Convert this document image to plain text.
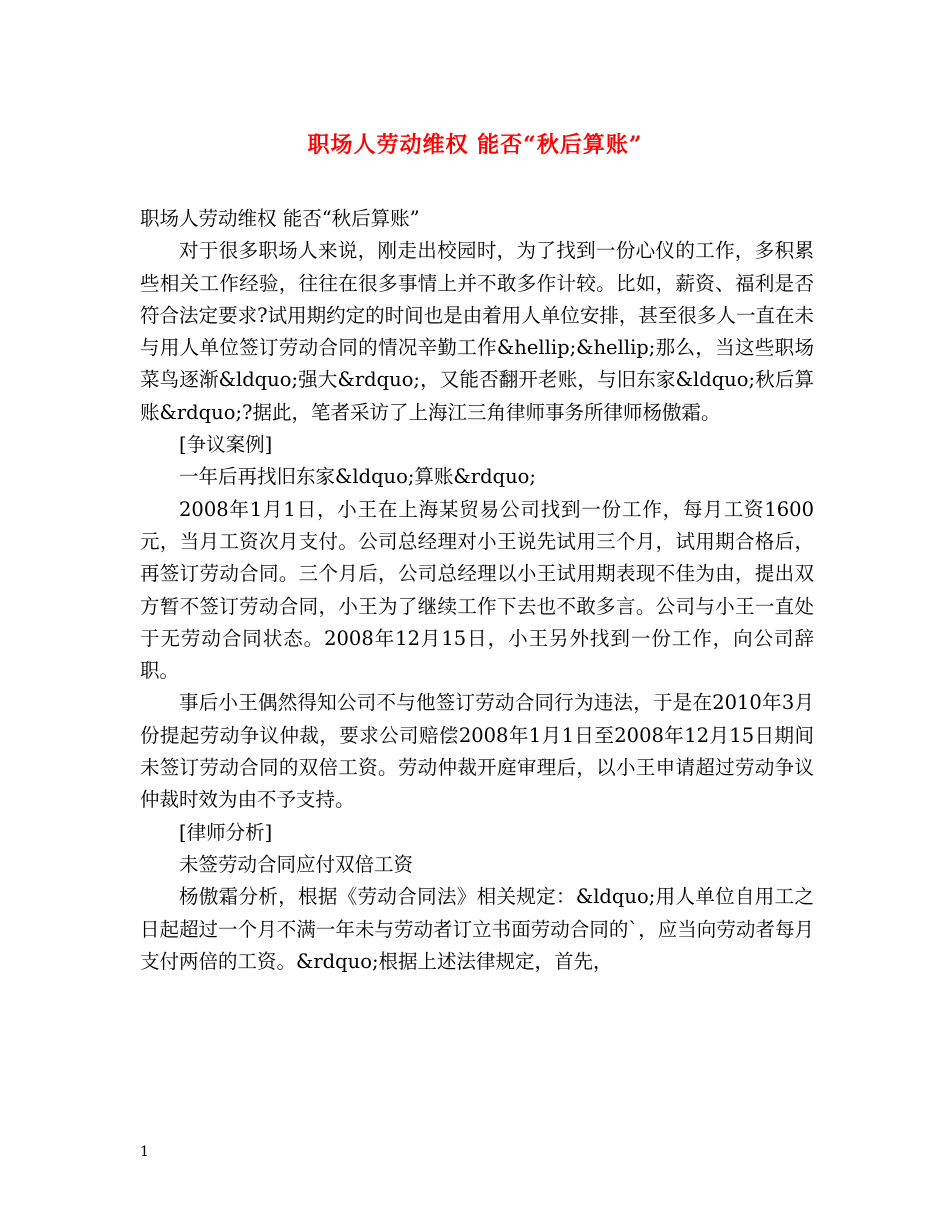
职场人劳动维权 能否“秋后算账”

职场人劳动维权 能否“秋后算账”

对于很多职场人来说，刚走出校园时，为了找到一份心仪的工作，多积累些相关工作经验，往往在很多事情上并不敢多作计较。比如，薪资、福利是否符合法定要求?试用期约定的时间也是由着用人单位安排，甚至很多人一直在未与用人单位签订劳动合同的情况辛勤工作&hellip;&hellip;那么，当这些职场菜鸟逐渐&ldquo;强大&rdquo;，又能否翻开老账，与旧东家&ldquo;秋后算账&rdquo;?据此，笔者采访了上海江三角律师事务所律师杨傲霜。

[争议案例]

一年后再找旧东家&ldquo;算账&rdquo;

2008年1月1日，小王在上海某贸易公司找到一份工作，每月工资1600元，当月工资次月支付。公司总经理对小王说先试用三个月，试用期合格后，再签订劳动合同。三个月后，公司总经理以小王试用期表现不佳为由，提出双方暂不签订劳动合同，小王为了继续工作下去也不敢多言。公司与小王一直处于无劳动合同状态。2008年12月15日，小王另外找到一份工作，向公司辞职。

事后小王偶然得知公司不与他签订劳动合同行为违法，于是在2010年3月份提起劳动争议仲裁，要求公司赔偿2008年1月1日至2008年12月15日期间未签订劳动合同的双倍工资。劳动仲裁开庭审理后，以小王申请超过劳动争议仲裁时效为由不予支持。

[律师分析]

未签劳动合同应付双倍工资

杨傲霜分析，根据《劳动合同法》相关规定：&ldquo;用人单位自用工之日起超过一个月不满一年未与劳动者订立书面劳动合同的`，应当向劳动者每月支付两倍的工资。&rdquo;根据上述法律规定，首先，

1
